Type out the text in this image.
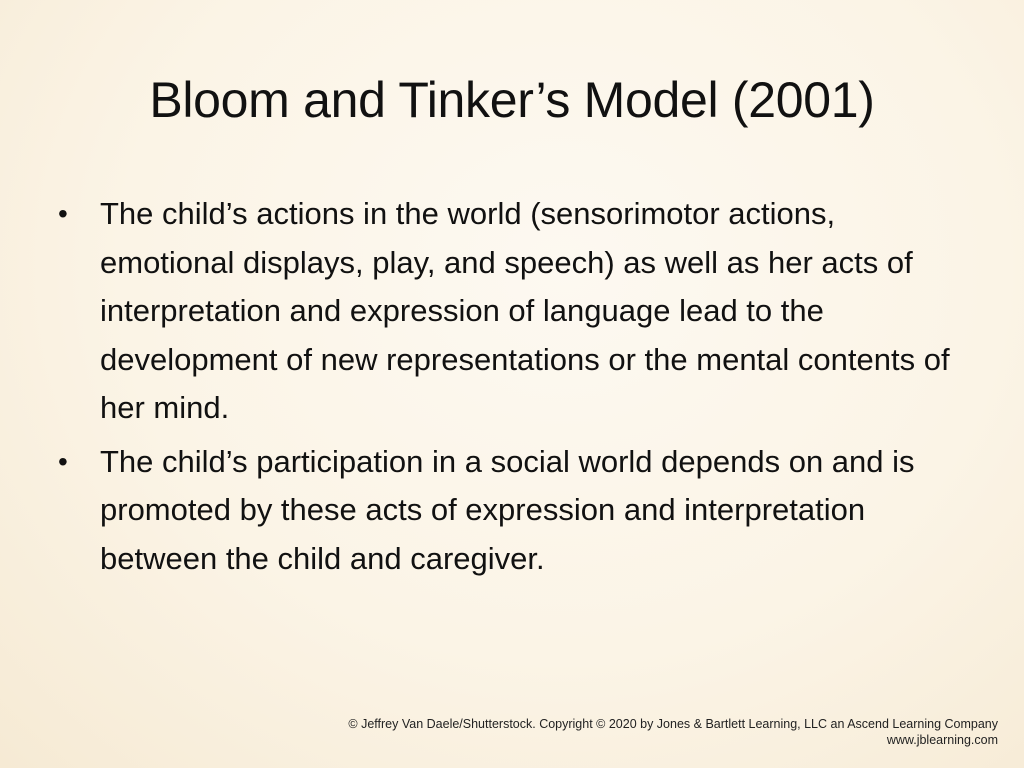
Bloom and Tinker’s Model (2001)
• The child’s actions in the world (sensorimotor actions, emotional displays, play, and speech) as well as her acts of interpretation and expression of language lead to the development of new representations or the mental contents of her mind.
• The child’s participation in a social world depends on and is promoted by these acts of expression and interpretation between the child and caregiver.
© Jeffrey Van Daele/Shutterstock. Copyright © 2020 by Jones & Bartlett Learning, LLC an Ascend Learning Company
www.jblearning.com
